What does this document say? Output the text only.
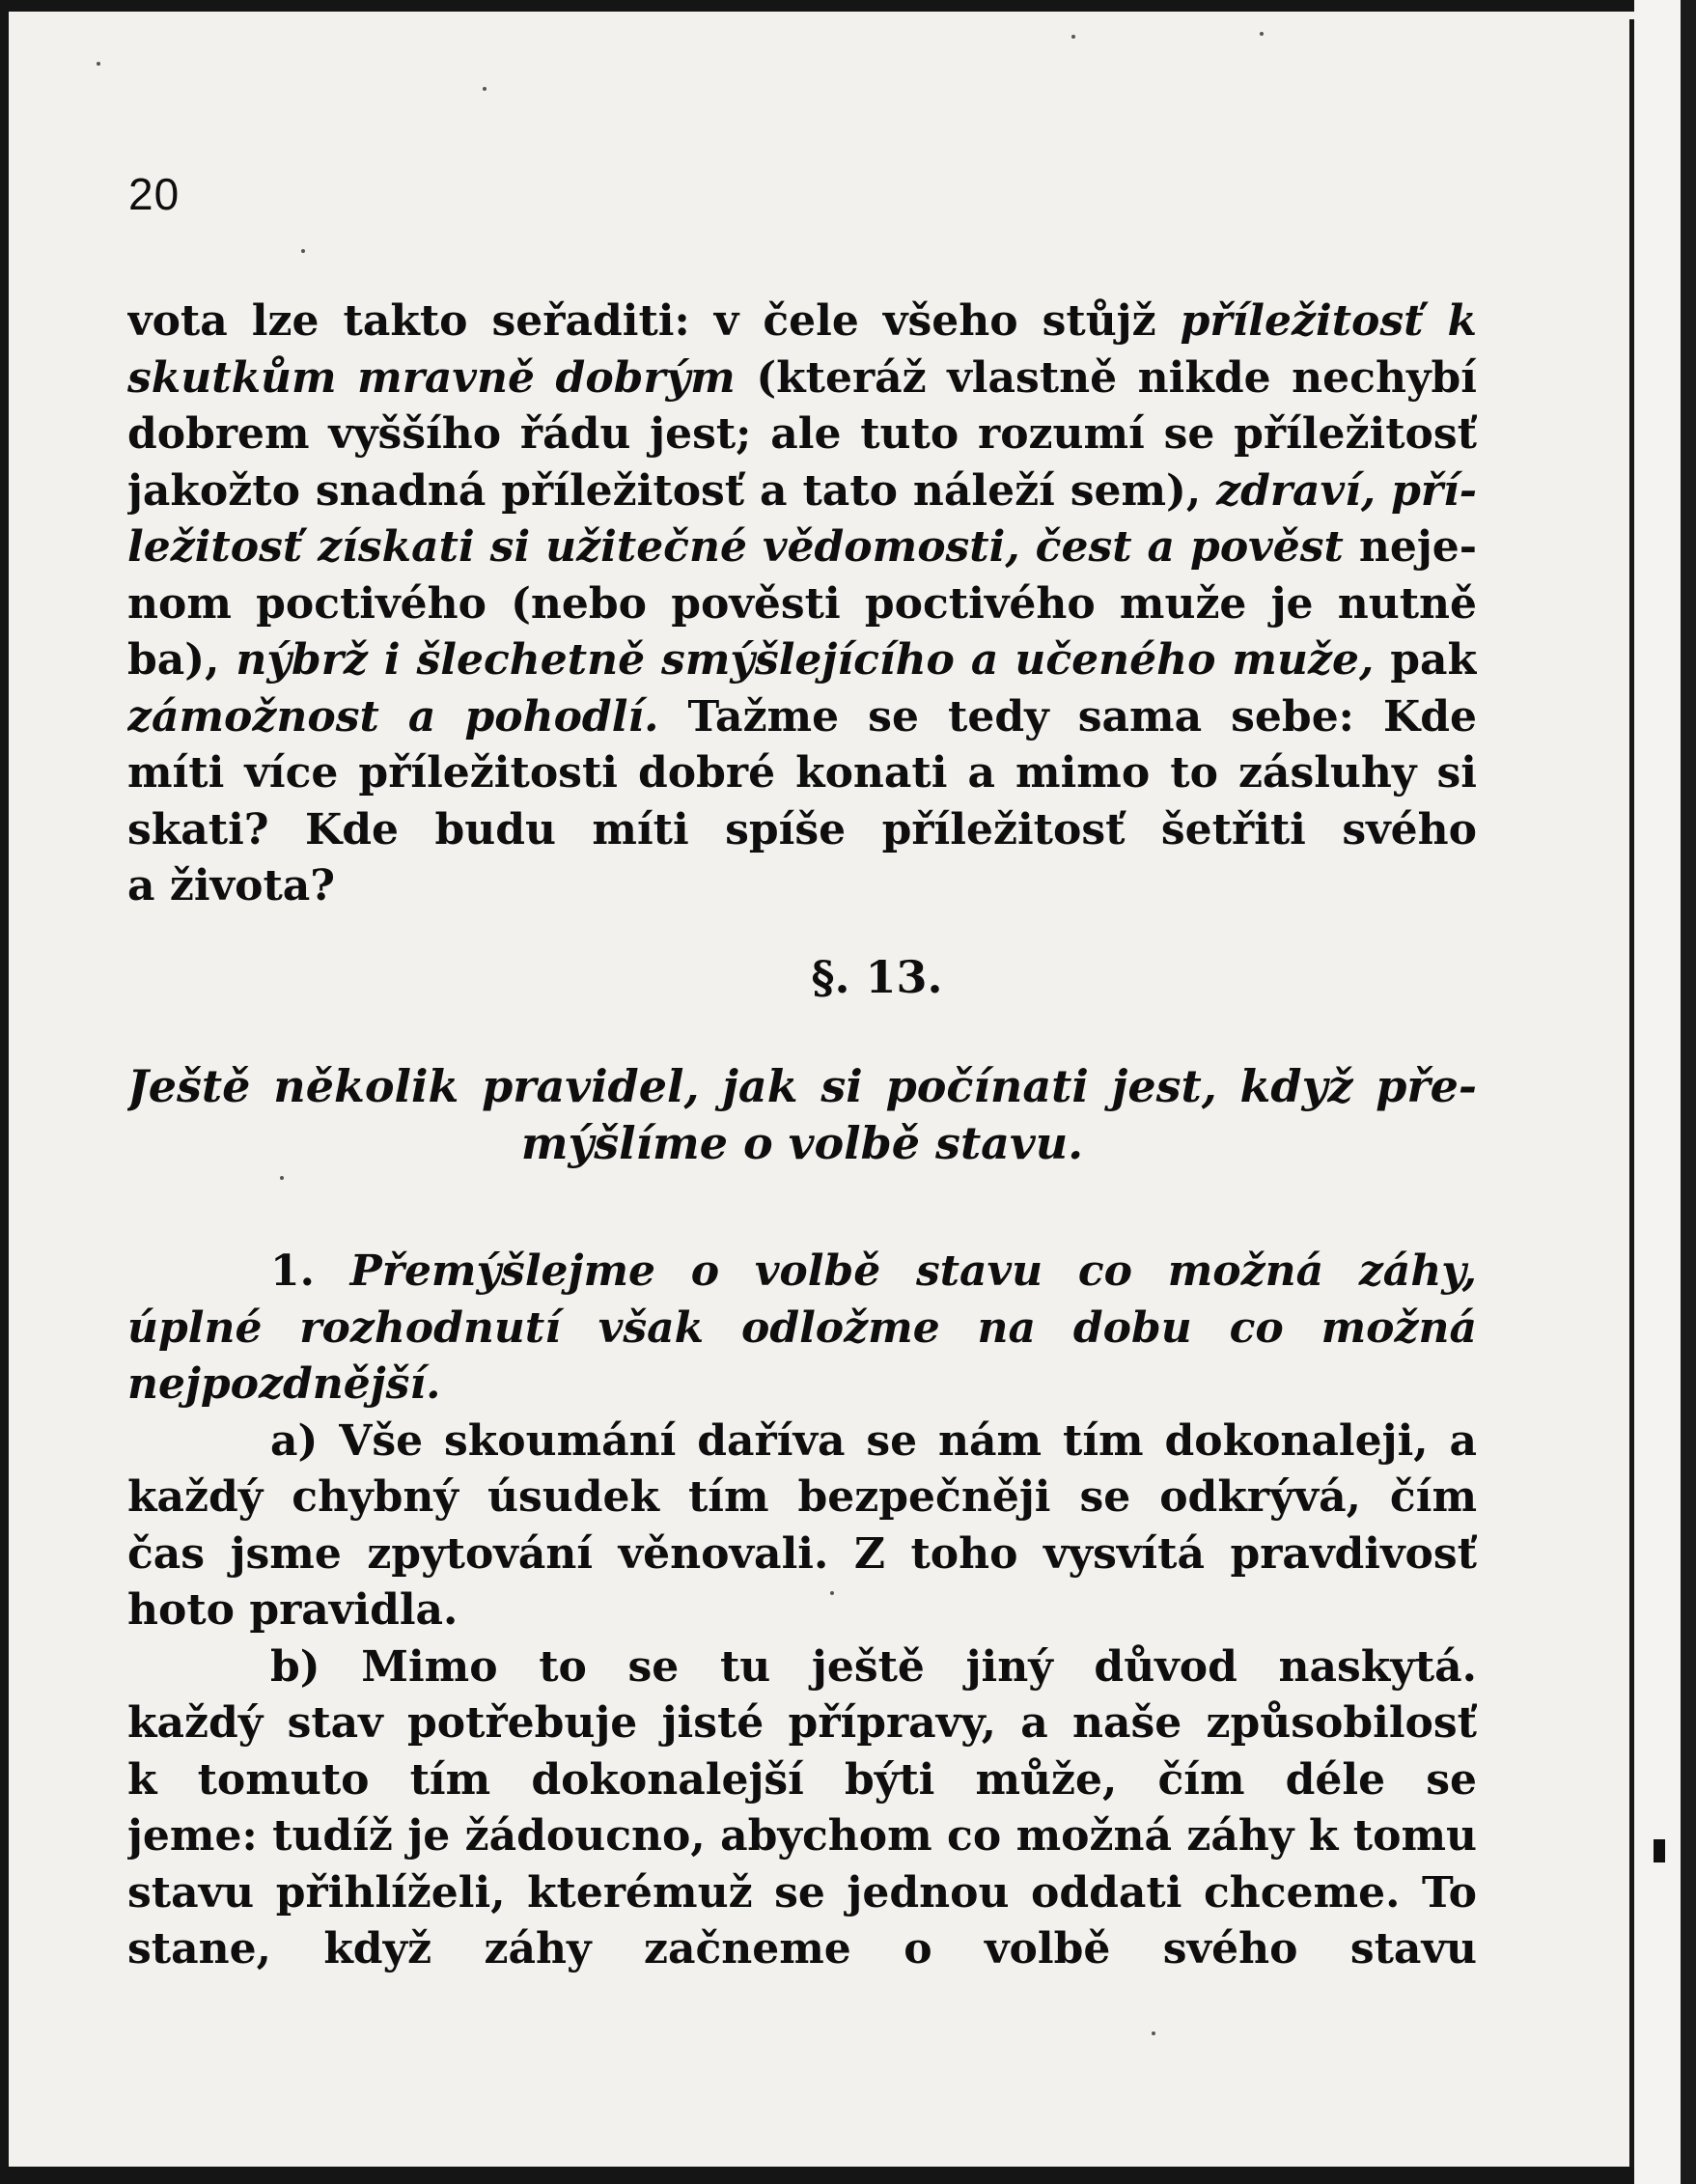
20
vota lze takto seřaditi: v čele všeho stůjž příležitosť k
skutkům mravně dobrým (kteráž vlastně nikde nechybí
dobrem vyššího řádu jest; ale tuto rozumí se příležitosť
jakožto snadná příležitosť a tato náleží sem), zdraví, pří-
ležitosť získati si užitečné vědomosti, čest a pověst neje-
nom poctivého (nebo pověsti poctivého muže je nutně
ba), nýbrž i šlechetně smýšlejícího a učeného muže, pak
zámožnost a pohodlí. Tažme se tedy sama sebe: Kde
míti více příležitosti dobré konati a mimo to zásluhy si
skati? Kde budu míti spíše příležitosť šetřiti svého
a života?
§. 13.
Ještě několik pravidel, jak si počínati jest, když pře-
mýšlíme o volbě stavu.
1. Přemýšlejme o volbě stavu co možná záhy,
úplné rozhodnutí však odložme na dobu co možná
nejpozdnější.
a) Vše skoumání daříva se nám tím dokonaleji, a
každý chybný úsudek tím bezpečněji se odkrývá, čím
čas jsme zpytování věnovali. Z toho vysvítá pravdivosť
hoto pravidla.
b) Mimo to se tu ještě jiný důvod naskytá.
každý stav potřebuje jisté přípravy, a naše způsobilosť
k tomuto tím dokonalejší býti může, čím déle se
jeme: tudíž je žádoucno, abychom co možná záhy k tomu
stavu přihlíželi, kterémuž se jednou oddati chceme. To
stane, když záhy začneme o volbě svého stavu
